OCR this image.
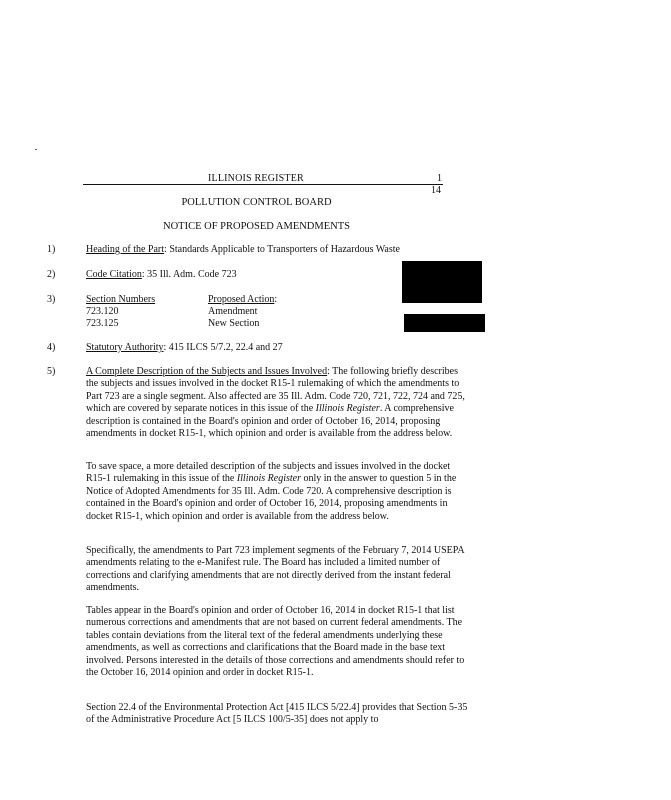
ILLINOIS REGISTER	1
14
POLLUTION CONTROL BOARD
NOTICE OF PROPOSED AMENDMENTS
1)	Heading of the Part: Standards Applicable to Transporters of Hazardous Waste
2)	Code Citation: 35 Ill. Adm. Code 723
3)	Section Numbers	Proposed Action:
723.120	Amendment
723.125	New Section
4)	Statutory Authority: 415 ILCS 5/7.2, 22.4 and 27
5)	A Complete Description of the Subjects and Issues Involved: The following briefly describes the subjects and issues involved in the docket R15-1 rulemaking of which the amendments to Part 723 are a single segment. Also affected are 35 Ill. Adm. Code 720, 721, 722, 724 and 725, which are covered by separate notices in this issue of the Illinois Register. A comprehensive description is contained in the Board's opinion and order of October 16, 2014, proposing amendments in docket R15-1, which opinion and order is available from the address below.

To save space, a more detailed description of the subjects and issues involved in the docket R15-1 rulemaking in this issue of the Illinois Register only in the answer to question 5 in the Notice of Adopted Amendments for 35 Ill. Adm. Code 720. A comprehensive description is contained in the Board's opinion and order of October 16, 2014, proposing amendments in docket R15-1, which opinion and order is available from the address below.

Specifically, the amendments to Part 723 implement segments of the February 7, 2014 USEPA amendments relating to the e-Manifest rule. The Board has included a limited number of corrections and clarifying amendments that are not directly derived from the instant federal amendments.

Tables appear in the Board's opinion and order of October 16, 2014 in docket R15-1 that list numerous corrections and amendments that are not based on current federal amendments. The tables contain deviations from the literal text of the federal amendments underlying these amendments, as well as corrections and clarifications that the Board made in the base text involved. Persons interested in the details of those corrections and amendments should refer to the October 16, 2014 opinion and order in docket R15-1.

Section 22.4 of the Environmental Protection Act [415 ILCS 5/22.4] provides that Section 5-35 of the Administrative Procedure Act [5 ILCS 100/5-35] does not apply to
